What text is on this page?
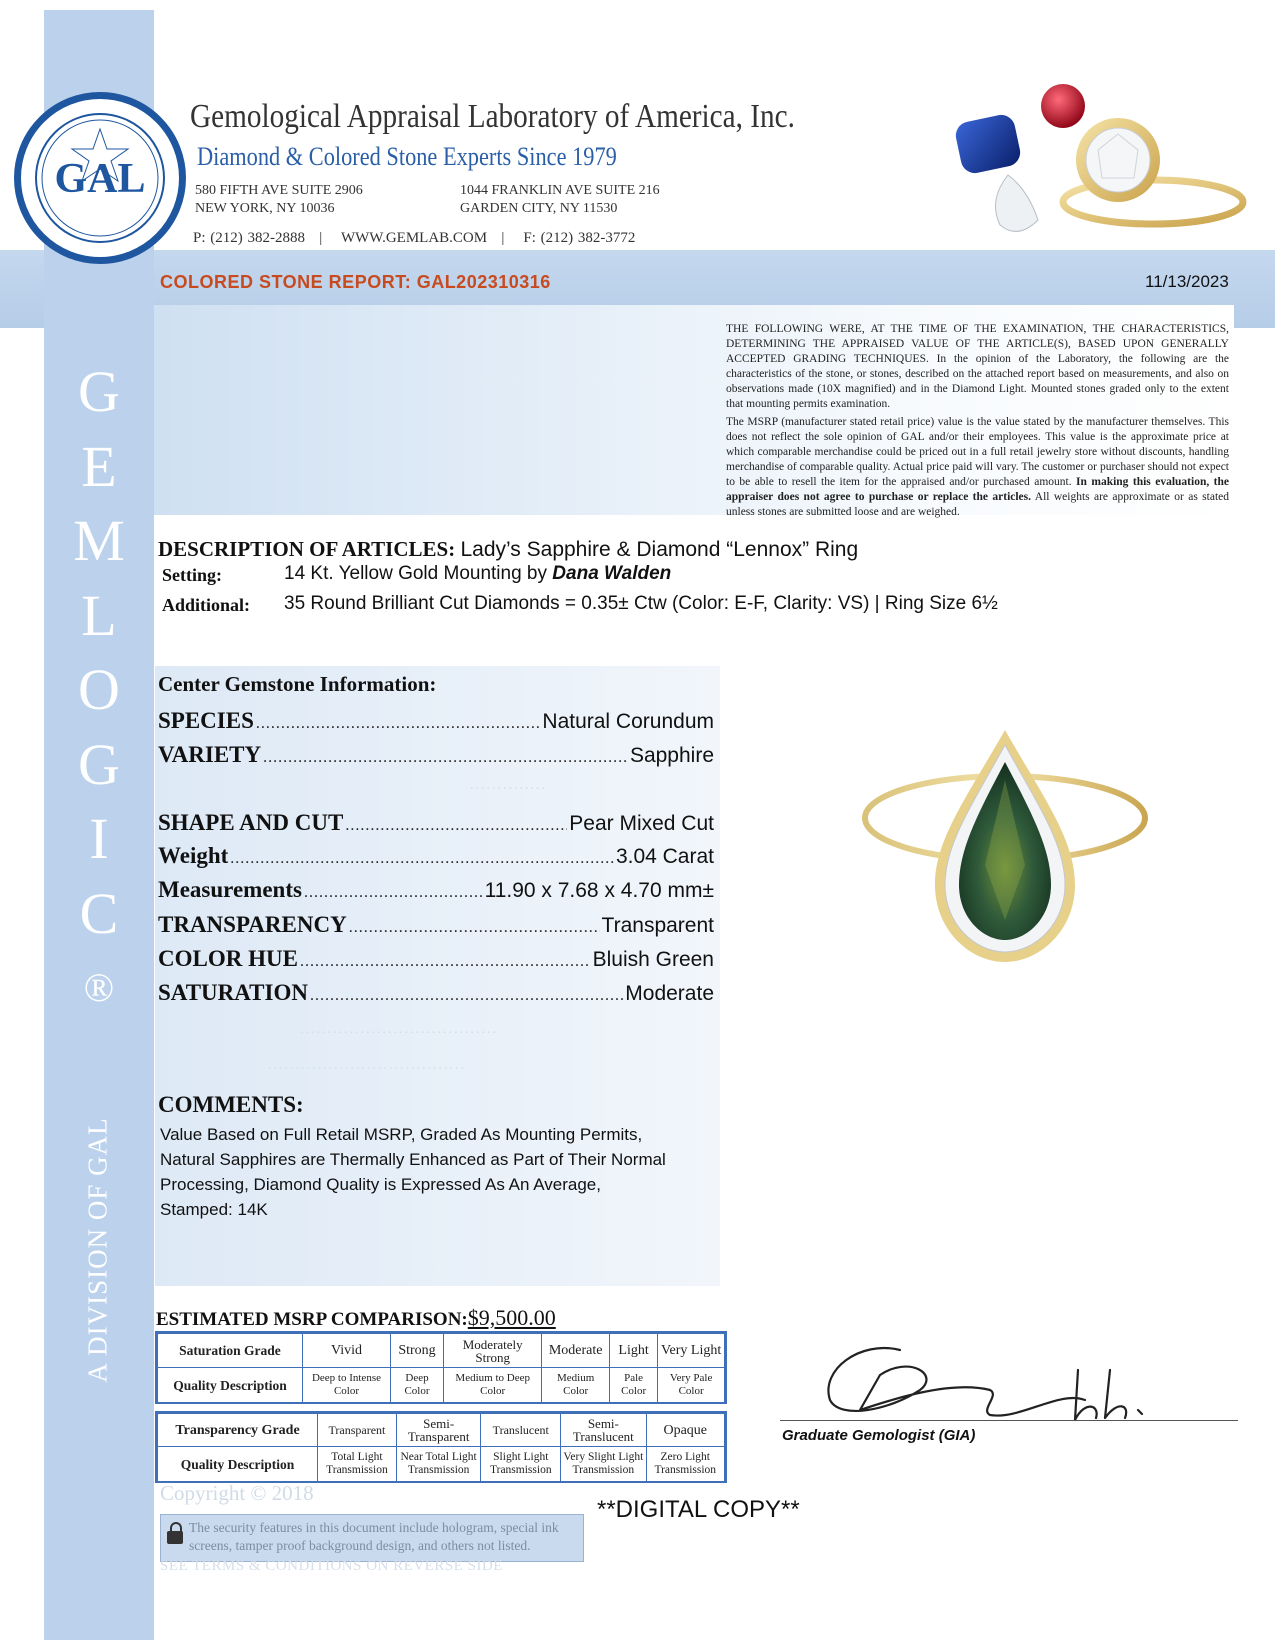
G
E
M
L
O
G
I
C
®
A DIVISION OF GAL
GAL
Gemological Appraisal Laboratory of America, Inc.
Diamond & Colored Stone Experts Since 1979
580 FIFTH AVE SUITE 2906
NEW YORK, NY 10036
1044 FRANKLIN AVE SUITE 216
GARDEN CITY, NY 11530
P: (212) 382-2888   |    WWW.GEMLAB.COM   |    F: (212) 382-3772
COLORED STONE REPORT: GAL202310316	11/13/2023

THE FOLLOWING WERE, AT THE TIME OF THE EXAMINATION, THE CHARACTERISTICS, DETERMINING THE APPRAISED VALUE OF THE ARTICLE(S), BASED UPON GENERALLY ACCEPTED GRADING TECHNIQUES. In the opinion of the Laboratory, the following are the characteristics of the stone, or stones, described on the attached report based on measurements, and also on observations made (10X magnified) and in the Diamond Light. Mounted stones graded only to the extent that mounting permits examination.

The MSRP (manufacturer stated retail price) value is the value stated by the manufacturer themselves. This does not reflect the sole opinion of GAL and/or their employees. This value is the approximate price at which comparable merchandise could be priced out in a full retail jewelry store without discounts, handling merchandise of comparable quality. Actual price paid will vary. The customer or purchaser should not expect to be able to resell the item for the appraised and/or purchased amount. In making this evaluation, the appraiser does not agree to purchase or replace the articles. All weights are approximate or as stated unless stones are submitted loose and are weighed.

DESCRIPTION OF ARTICLES: Lady’s Sapphire & Diamond “Lennox” Ring
Setting:	14 Kt. Yellow Gold Mounting by Dana Walden
Additional: 35 Round Brilliant Cut Diamonds = 0.35± Ctw (Color: E-F, Clarity: VS) | Ring Size 6½
Center Gemstone Information:
SPECIES .....	Natural Corundum
VARIETY .....	Sapphire
..............
SHAPE AND CUT .....	Pear Mixed Cut
Weight .....	3.04 Carat
Measurements .....	11.90 x 7.68 x 4.70 mm±
TRANSPARENCY .....	Transparent
COLOR HUE .....	Bluish Green
SATURATION .....	Moderate
....................................
....................................
COMMENTS:
Value Based on Full Retail MSRP, Graded As Mounting Permits,
Natural Sapphires are Thermally Enhanced as Part of Their Normal
Processing, Diamond Quality is Expressed As An Average,
Stamped: 14K
ESTIMATED MSRP COMPARISON:$9,500.00
Saturation Grade	Vivid	Strong	Moderately Strong	Moderate	Light	Very Light
Quality Description	Deep to Intense Color	Deep Color	Medium to Deep Color	Medium Color	Pale Color	Very Pale Color
Transparency Grade	Transparent	Semi-Transparent	Translucent	Semi-Translucent	Opaque
Quality Description	Total Light Transmission	Near Total Light Transmission	Slight Light Transmission	Very Slight Light Transmission	Zero Light Transmission
Copyright © 2018
The security features in this document include hologram, special ink
screens, tamper proof background design, and others not listed.
SEE TERMS & CONDITIONS ON REVERSE SIDE
**DIGITAL COPY**
Graduate Gemologist (GIA)
